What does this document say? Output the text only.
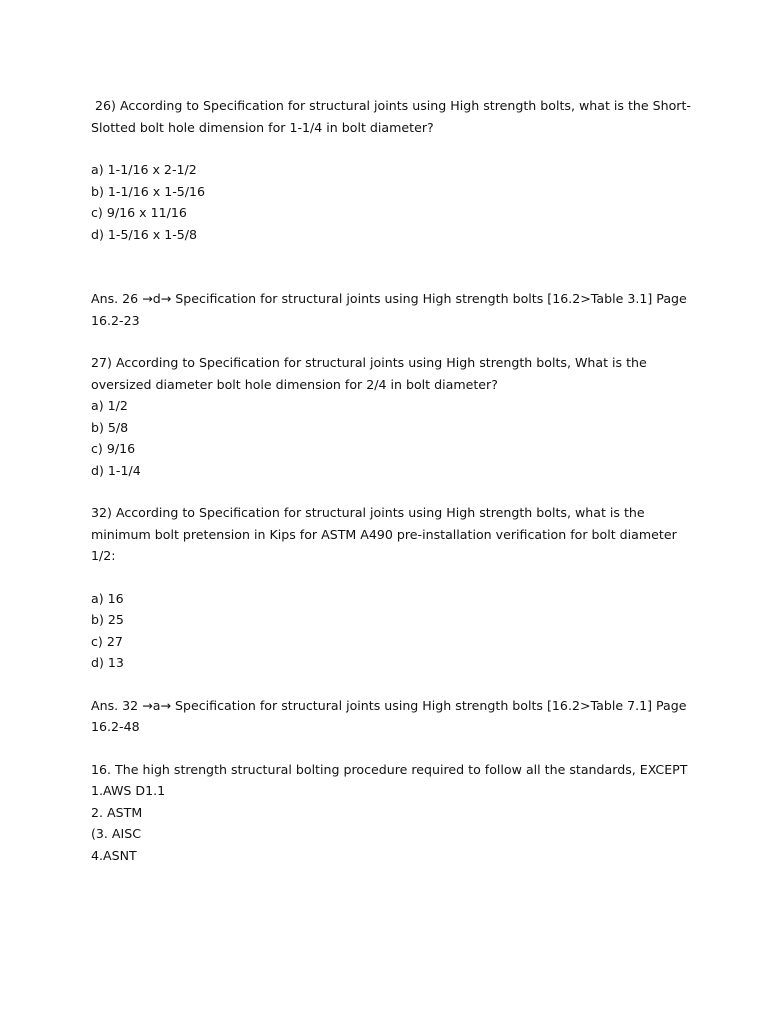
26) According to Specification for structural joints using High strength bolts, what is the Short-

Slotted bolt hole dimension for 1-1/4 in bolt diameter?

a) 1-1/16 x 2-1/2

b) 1-1/16 x 1-5/16

c) 9/16 x 11/16

d) 1-5/16 x 1-5/8

Ans. 26 →d→ Specification for structural joints using High strength bolts [16.2>Table 3.1] Page

16.2-23

27) According to Specification for structural joints using High strength bolts, What is the

oversized diameter bolt hole dimension for 2/4 in bolt diameter?

a) 1/2

b) 5/8

c) 9/16

d) 1-1/4

32) According to Specification for structural joints using High strength bolts, what is the

minimum bolt pretension in Kips for ASTM A490 pre-installation verification for bolt diameter

1/2:

a) 16

b) 25

c) 27

d) 13

Ans. 32 →a→ Specification for structural joints using High strength bolts [16.2>Table 7.1] Page

16.2-48

16. The high strength structural bolting procedure required to follow all the standards, EXCEPT

1.AWS D1.1

2. ASTM

(3. AISC

4.ASNT
